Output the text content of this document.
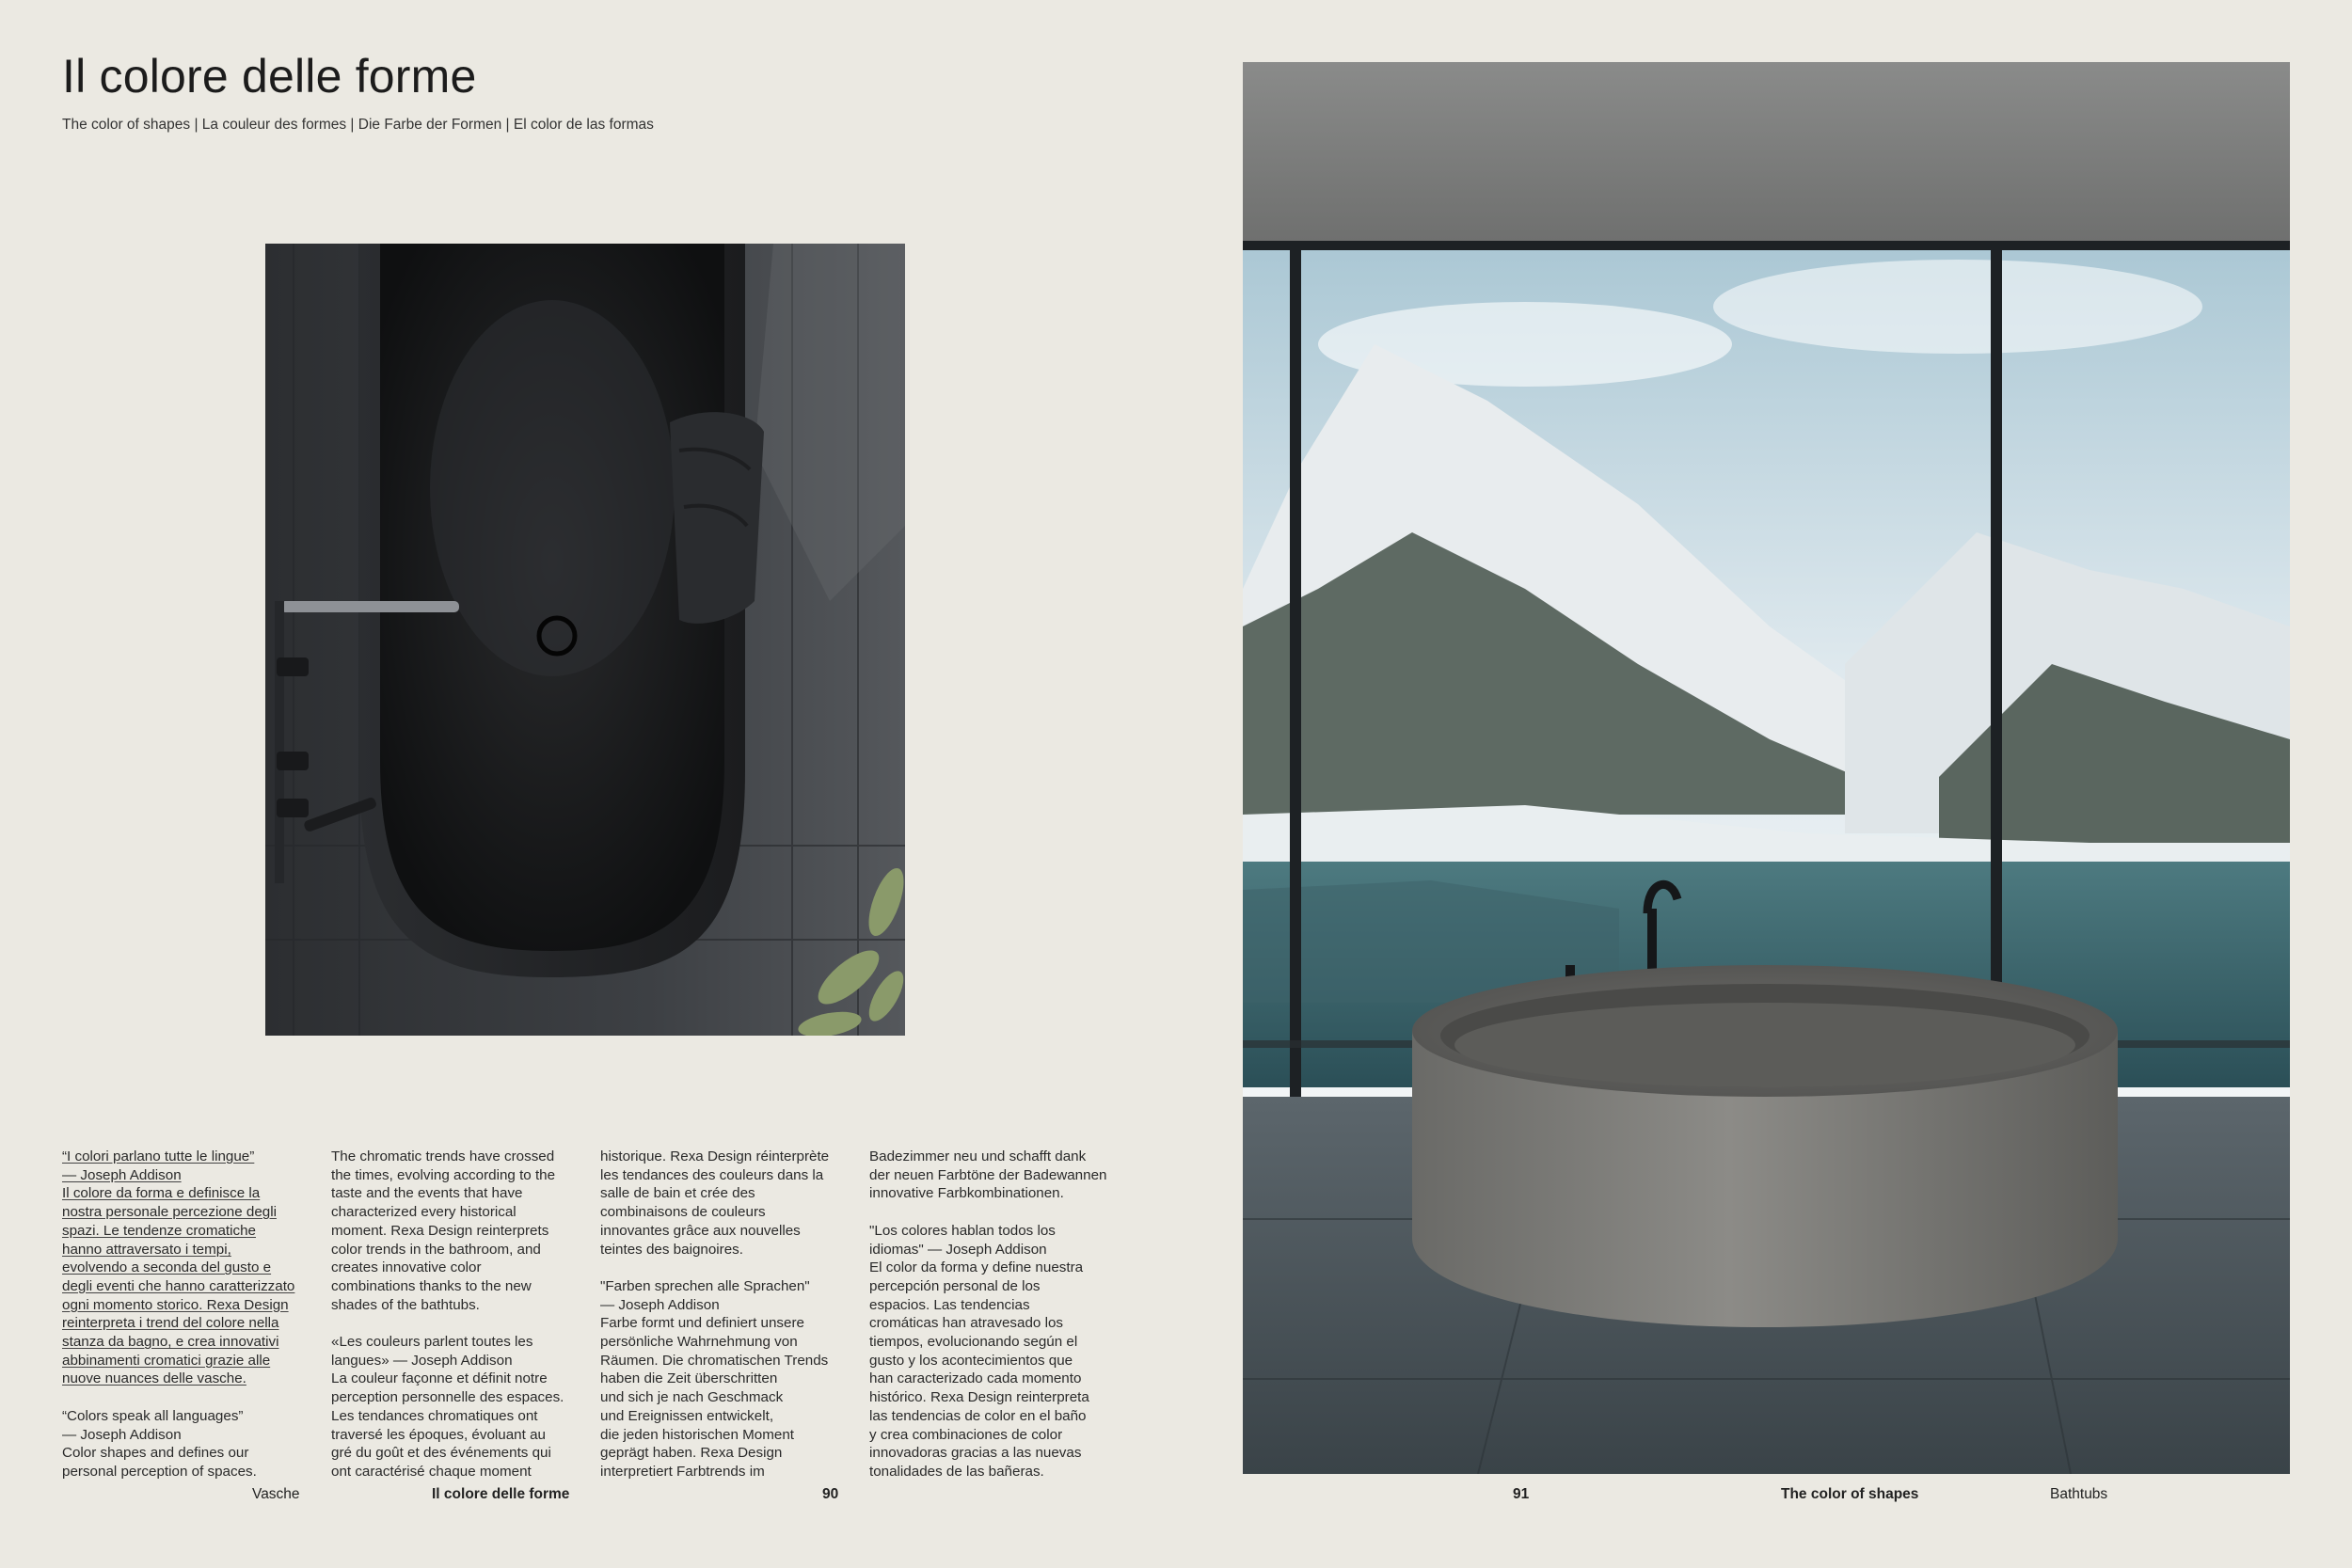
Il colore delle forme
The color of shapes | La couleur des formes | Die Farbe der Formen | El color de las formas

“I colori parlano tutte le lingue”
— Joseph Addison
Il colore da forma e definisce la
nostra personale percezione degli
spazi. Le tendenze cromatiche
hanno attraversato i tempi,
evolvendo a seconda del gusto e
degli eventi che hanno caratterizzato
ogni momento storico. Rexa Design
reinterpreta i trend del colore nella
stanza da bagno, e crea innovativi
abbinamenti cromatici grazie alle
nuove nuances delle vasche.

“Colors speak all languages”
— Joseph Addison
Color shapes and defines our
personal perception of spaces.

The chromatic trends have crossed
the times, evolving according to the
taste and the events that have
characterized every historical
moment. Rexa Design reinterprets
color trends in the bathroom, and
creates innovative color
combinations thanks to the new
shades of the bathtubs.

«Les couleurs parlent toutes les
langues» — Joseph Addison
La couleur façonne et définit notre
perception personnelle des espaces.
Les tendances chromatiques ont
traversé les époques, évoluant au
gré du goût et des événements qui
ont caractérisé chaque moment

historique. Rexa Design réinterprète
les tendances des couleurs dans la
salle de bain et crée des
combinaisons de couleurs
innovantes grâce aux nouvelles
teintes des baignoires.

"Farben sprechen alle Sprachen"
— Joseph Addison
Farbe formt und definiert unsere
persönliche Wahrnehmung von
Räumen. Die chromatischen Trends
haben die Zeit überschritten
und sich je nach Geschmack
und Ereignissen entwickelt,
die jeden historischen Moment
geprägt haben. Rexa Design
interpretiert Farbtrends im

Badezimmer neu und schafft dank
der neuen Farbtöne der Badewannen
innovative Farbkombinationen.

"Los colores hablan todos los
idiomas" — Joseph Addison
El color da forma y define nuestra
percepción personal de los
espacios. Las tendencias
cromáticas han atravesado los
tiempos, evolucionando según el
gusto y los acontecimientos que
han caracterizado cada momento
histórico. Rexa Design reinterpreta
las tendencias de color en el baño
y crea combinaciones de color
innovadoras gracias a las nuevas
tonalidades de las bañeras.

Vasche	Il colore delle forme	90	91	The color of shapes	Bathtubs
